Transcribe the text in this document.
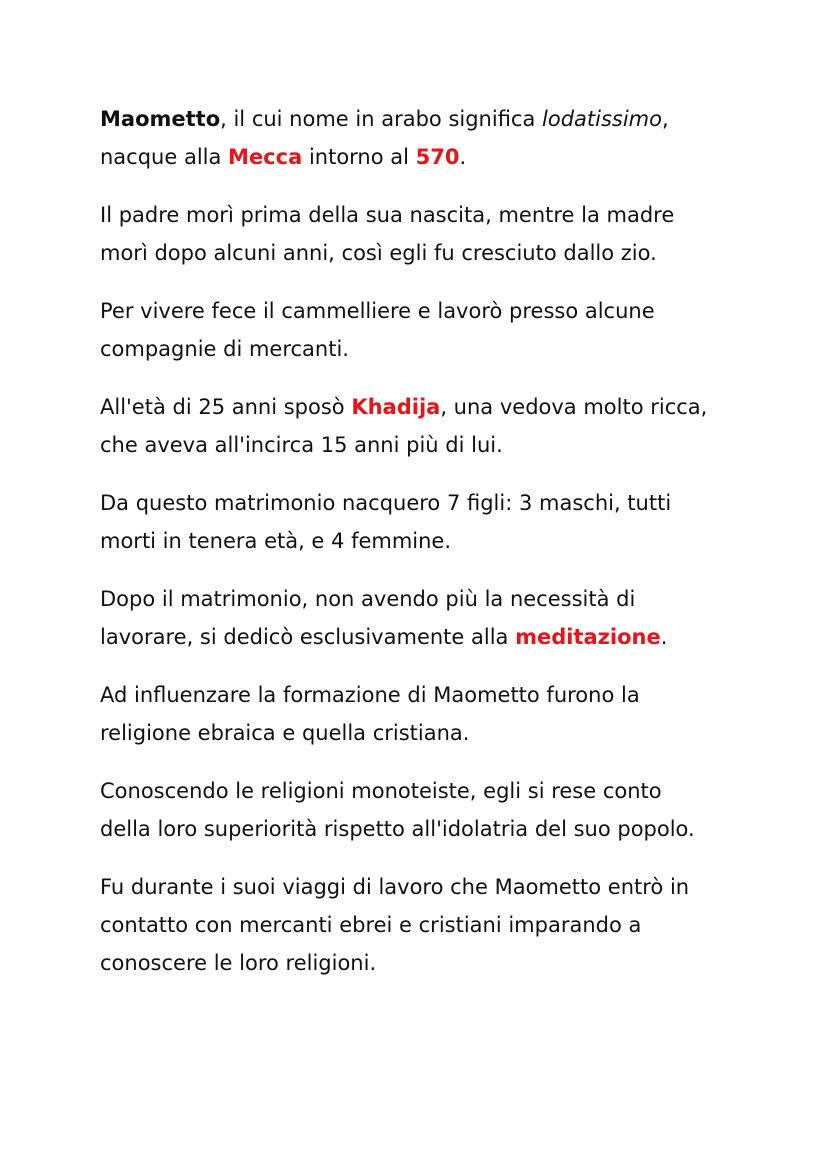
Maometto, il cui nome in arabo significa lodatissimo,
nacque alla Mecca intorno al 570.

Il padre morì prima della sua nascita, mentre la madre
morì dopo alcuni anni, così egli fu cresciuto dallo zio.

Per vivere fece il cammelliere e lavorò presso alcune
compagnie di mercanti.

All'età di 25 anni sposò Khadija, una vedova molto ricca,
che aveva all'incirca 15 anni più di lui.

Da questo matrimonio nacquero 7 figli: 3 maschi, tutti
morti in tenera età, e 4 femmine.

Dopo il matrimonio, non avendo più la necessità di
lavorare, si dedicò esclusivamente alla meditazione.

Ad influenzare la formazione di Maometto furono la
religione ebraica e quella cristiana.

Conoscendo le religioni monoteiste, egli si rese conto
della loro superiorità rispetto all'idolatria del suo popolo.

Fu durante i suoi viaggi di lavoro che Maometto entrò in
contatto con mercanti ebrei e cristiani imparando a
conoscere le loro religioni.
